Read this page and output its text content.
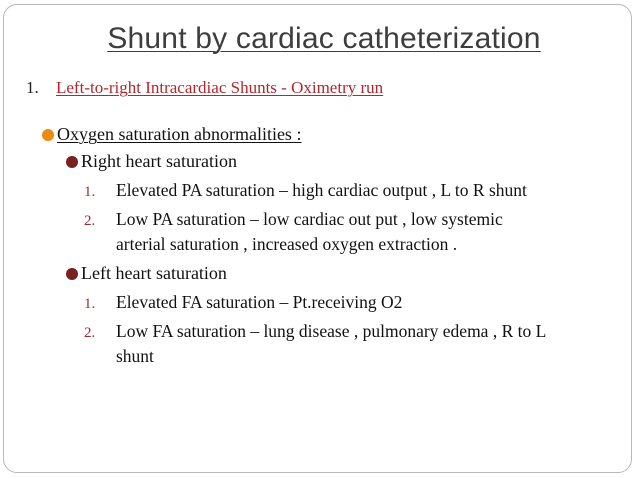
Shunt by cardiac catheterization
1. Left-to-right Intracardiac Shunts - Oximetry run
Oxygen saturation abnormalities :
Right heart saturation
1. Elevated PA saturation – high cardiac output , L to R shunt
2. Low PA saturation – low cardiac out put , low systemic
arterial saturation , increased oxygen extraction .
Left heart saturation
1. Elevated FA saturation – Pt.receiving O2
2. Low FA saturation – lung disease , pulmonary edema , R to L
shunt
